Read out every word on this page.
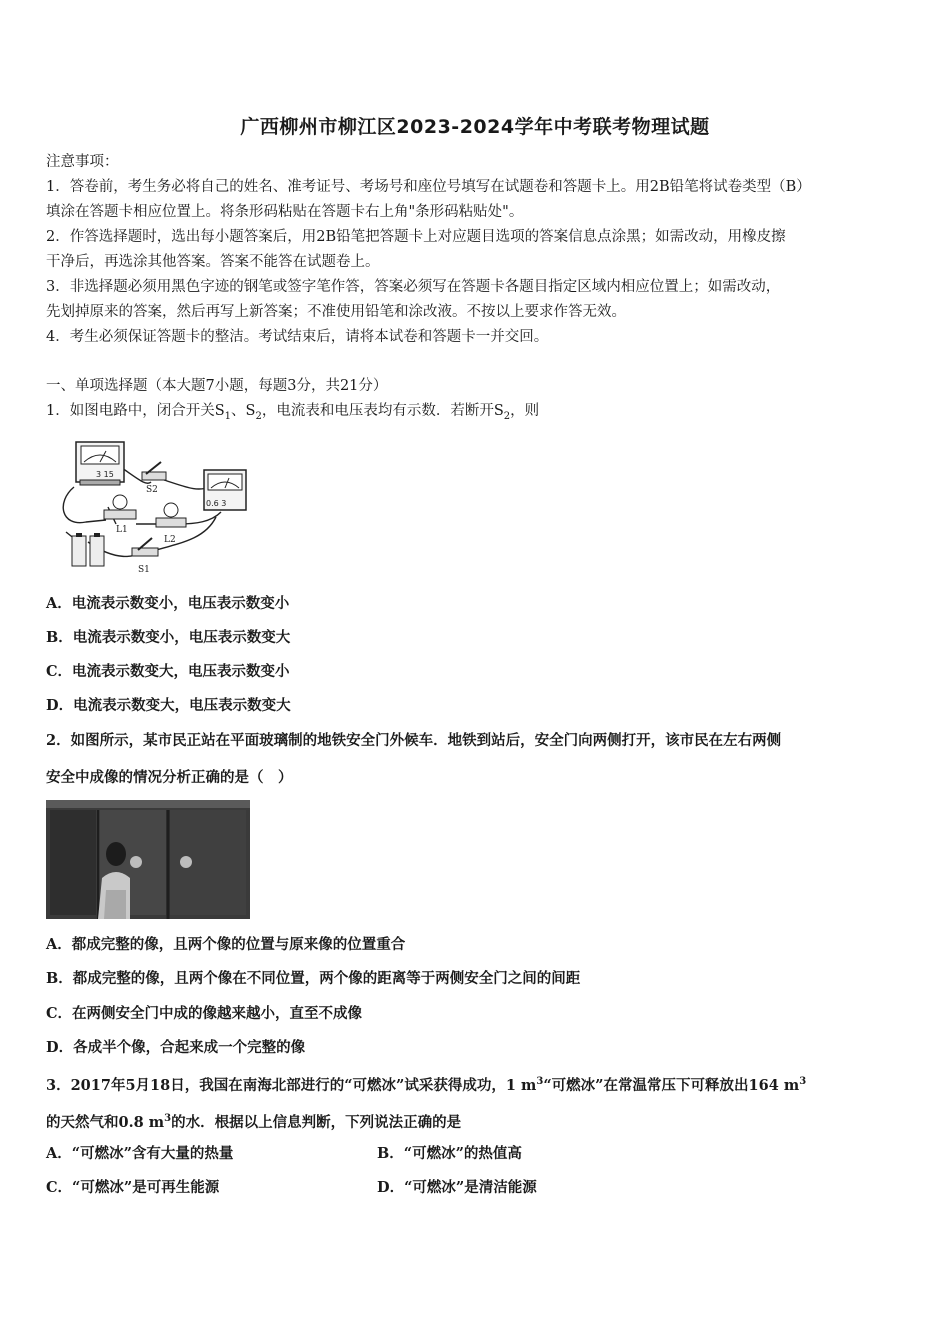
广西柳州市柳江区2023-2024学年中考联考物理试题
注意事项：
1．答卷前，考生务必将自己的姓名、准考证号、考场号和座位号填写在试题卷和答题卡上。用2B铅笔将试卷类型（B）
填涂在答题卡相应位置上。将条形码粘贴在答题卡右上角"条形码粘贴处"。
2．作答选择题时，选出每小题答案后，用2B铅笔把答题卡上对应题目选项的答案信息点涂黑；如需改动，用橡皮擦
干净后，再选涂其他答案。答案不能答在试题卷上。
3．非选择题必须用黑色字迹的钢笔或签字笔作答，答案必须写在答题卡各题目指定区域内相应位置上；如需改动，
先划掉原来的答案，然后再写上新答案；不准使用铅笔和涂改液。不按以上要求作答无效。
4．考生必须保证答题卡的整洁。考试结束后，请将本试卷和答题卡一并交回。
一、单项选择题（本大题7小题，每题3分，共21分）
1．如图电路中，闭合开关$S_1$、$S_2$，电流表和电压表均有示数．若断开$S_2$，则
3 15
0.6 3
S2
L1
L2
S1
A．电流表示数变小，电压表示数变小
B．电流表示数变小，电压表示数变大
C．电流表示数变大，电压表示数变小
D．电流表示数变大，电压表示数变大
2．如图所示，某市民正站在平面玻璃制的地铁安全门外候车．地铁到站后，安全门向两侧打开，该市民在左右两侧
安全中成像的情况分析正确的是（　）
A．都成完整的像，且两个像的位置与原来像的位置重合
B．都成完整的像，且两个像在不同位置，两个像的距离等于两侧安全门之间的间距
C．在两侧安全门中成的像越来越小，直至不成像
D．各成半个像，合起来成一个完整的像
3．2017年5月18日，我国在南海北部进行的“可燃冰”试采获得成功，1 $m^3“$可燃冰”在常温常压下可释放出164 $m^3$
的天然气和0.8 $m^3$的水．根据以上信息判断，下列说法正确的是
A．“可燃冰”含有大量的热量	B．“可燃冰”的热值高
C．“可燃冰”是可再生能源	D．“可燃冰”是清洁能源
